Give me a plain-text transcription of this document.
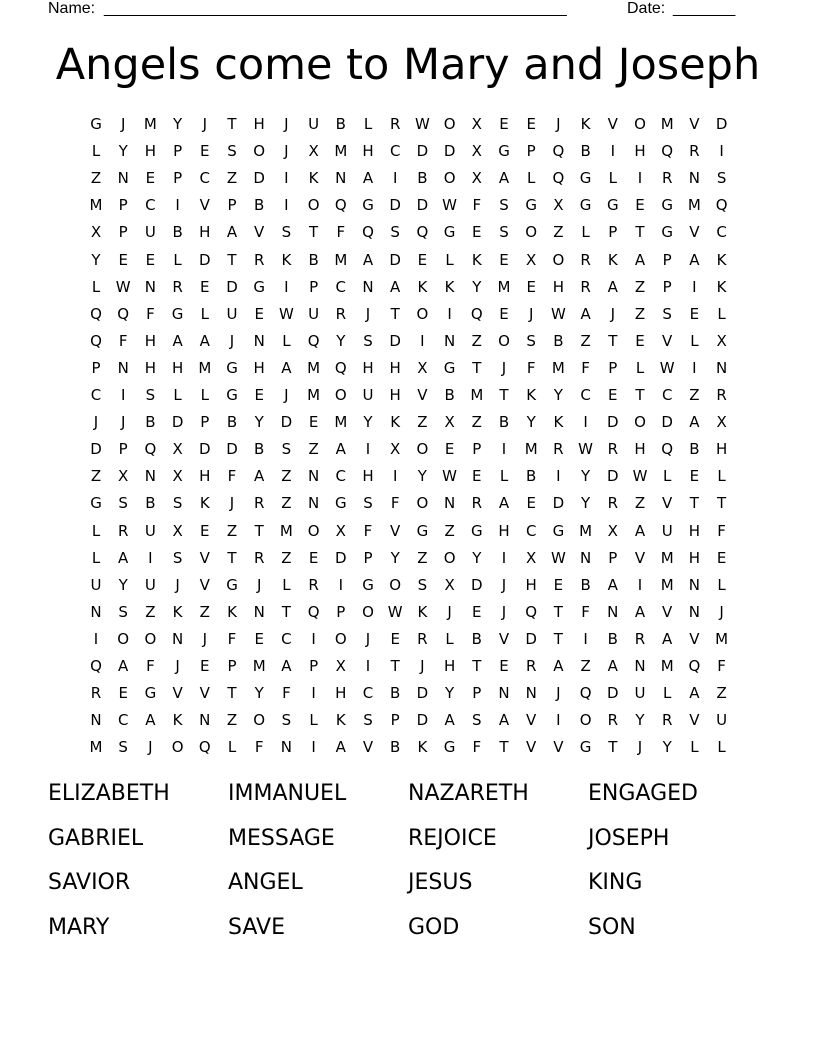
Name: ____________________________________________________	Date: _______
Angels come to Mary and Joseph
G	J	M	Y	J	T	H	J	U	B	L	R W O	X	E	E	J	K	V	O M	V	D
L	Y	H	P	E	S	O	J	X	M H	C	D D	X	G	P	Q	B	I	H Q	R	I
Z	N	E	P	C	Z	D	I	K	N	A	I	B	O	X	A	L	Q G	L	I	R	N	S
M	P	C	I	V	P	B	I	O Q G D D W	F	S	G	X	G G	E	G M Q
X	P	U	B	H	A	V	S	T	F	Q	S	Q G	E	S	O	Z	L	P	T	G	V	C
Y	E	E	L	D	T	R	K	B	M	A	D	E	L	K	E	X	O	R	K	A	P	A	K
L	W N	R	E	D G	I	P	C	N	A	K	K	Y	M	E	H	R	A	Z	P	I	K
Q Q	F	G	L	U	E	W U	R	J	T	O	I	Q	E	J	W A	J	Z	S	E	L
Q	F	H	A	A	J	N	L	Q	Y	S	D	I	N	Z	O	S	B	Z	T	E	V	L	X
P	N H H M G H	A	M Q H H	X	G	T	J	F	M	F	P	L	W	I	N
C	I	S	L	L	G	E	J	M O	U	H	V	B	M	T	K	Y	C	E	T	C	Z	R
J	J	B	D	P	B	Y	D	E	M	Y	K	Z	X	Z	B	Y	K	I	D O D	A	X
D	P	Q	X	D D	B	S	Z	A	I	X	O	E	P	I	M	R W R	H Q	B	H
Z	X	N	X	H	F	A	Z	N	C	H	I	Y	W	E	L	B	I	Y	D W	L	E	L
G	S	B	S	K	J	R	Z	N G	S	F	O N	R	A	E	D	Y	R	Z	V	T	T
L	R	U	X	E	Z	T	M O	X	F	V	G	Z	G H	C	G M	X	A	U	H	F
L	A	I	S	V	T	R	Z	E	D	P	Y	Z	O	Y	I	X W N	P	V	M H	E
U	Y	U	J	V	G	J	L	R	I	G O	S	X	D	J	H	E	B	A	I	M N	L
N	S	Z	K	Z	K	N	T	Q	P	O W K	J	E	J	Q	T	F	N	A	V	N	J
I	O O N	J	F	E	C	I	O	J	E	R	L	B	V	D	T	I	B	R	A	V	M
Q	A	F	J	E	P	M	A	P	X	I	T	J	H	T	E	R	A	Z	A	N M Q	F
R	E	G	V	V	T	Y	F	I	H	C	B	D	Y	P	N N	J	Q D	U	L	A	Z
N	C	A	K	N	Z	O	S	L	K	S	P	D	A	S	A	V	I	O	R	Y	R	V	U
M	S	J	O Q	L	F	N	I	A	V	B	K	G	F	T	V	V	G	T	J	Y	L	L
ELIZABETH	IMMANUEL	NAZARETH	ENGAGED
GABRIEL	MESSAGE	REJOICE	JOSEPH
SAVIOR	ANGEL	JESUS	KING
MARY	SAVE	GOD	SON
